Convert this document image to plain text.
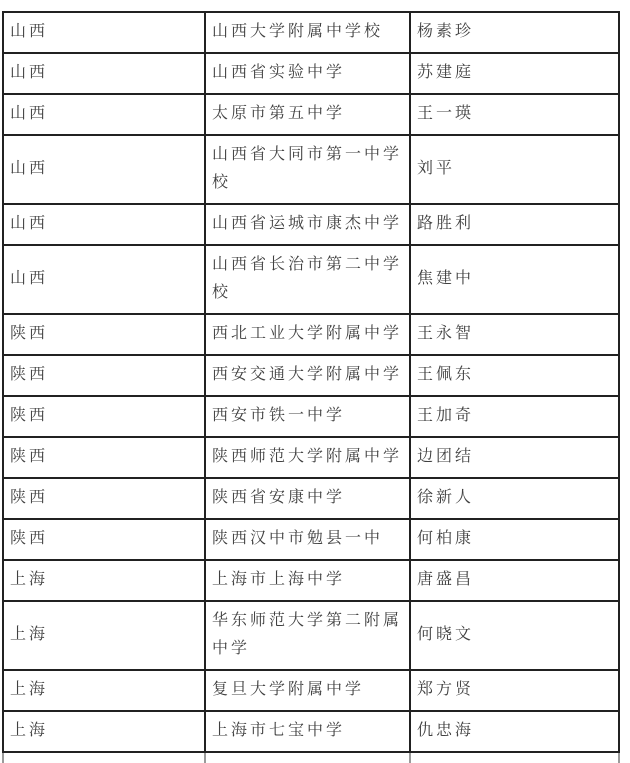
山西	山西大学附属中学校	杨素珍
山西	山西省实验中学	苏建庭
山西	太原市第五中学	王一瑛
山西	山西省大同市第一中学校	刘平
山西	山西省运城市康杰中学	路胜利
山西	山西省长治市第二中学校	焦建中
陕西	西北工业大学附属中学	王永智
陕西	西安交通大学附属中学	王佩东
陕西	西安市铁一中学	王加奇
陕西	陕西师范大学附属中学	边团结
陕西	陕西省安康中学	徐新人
陕西	陕西汉中市勉县一中	何柏康
上海	上海市上海中学	唐盛昌
上海	华东师范大学第二附属中学	何晓文
上海	复旦大学附属中学	郑方贤
上海	上海市七宝中学	仇忠海
